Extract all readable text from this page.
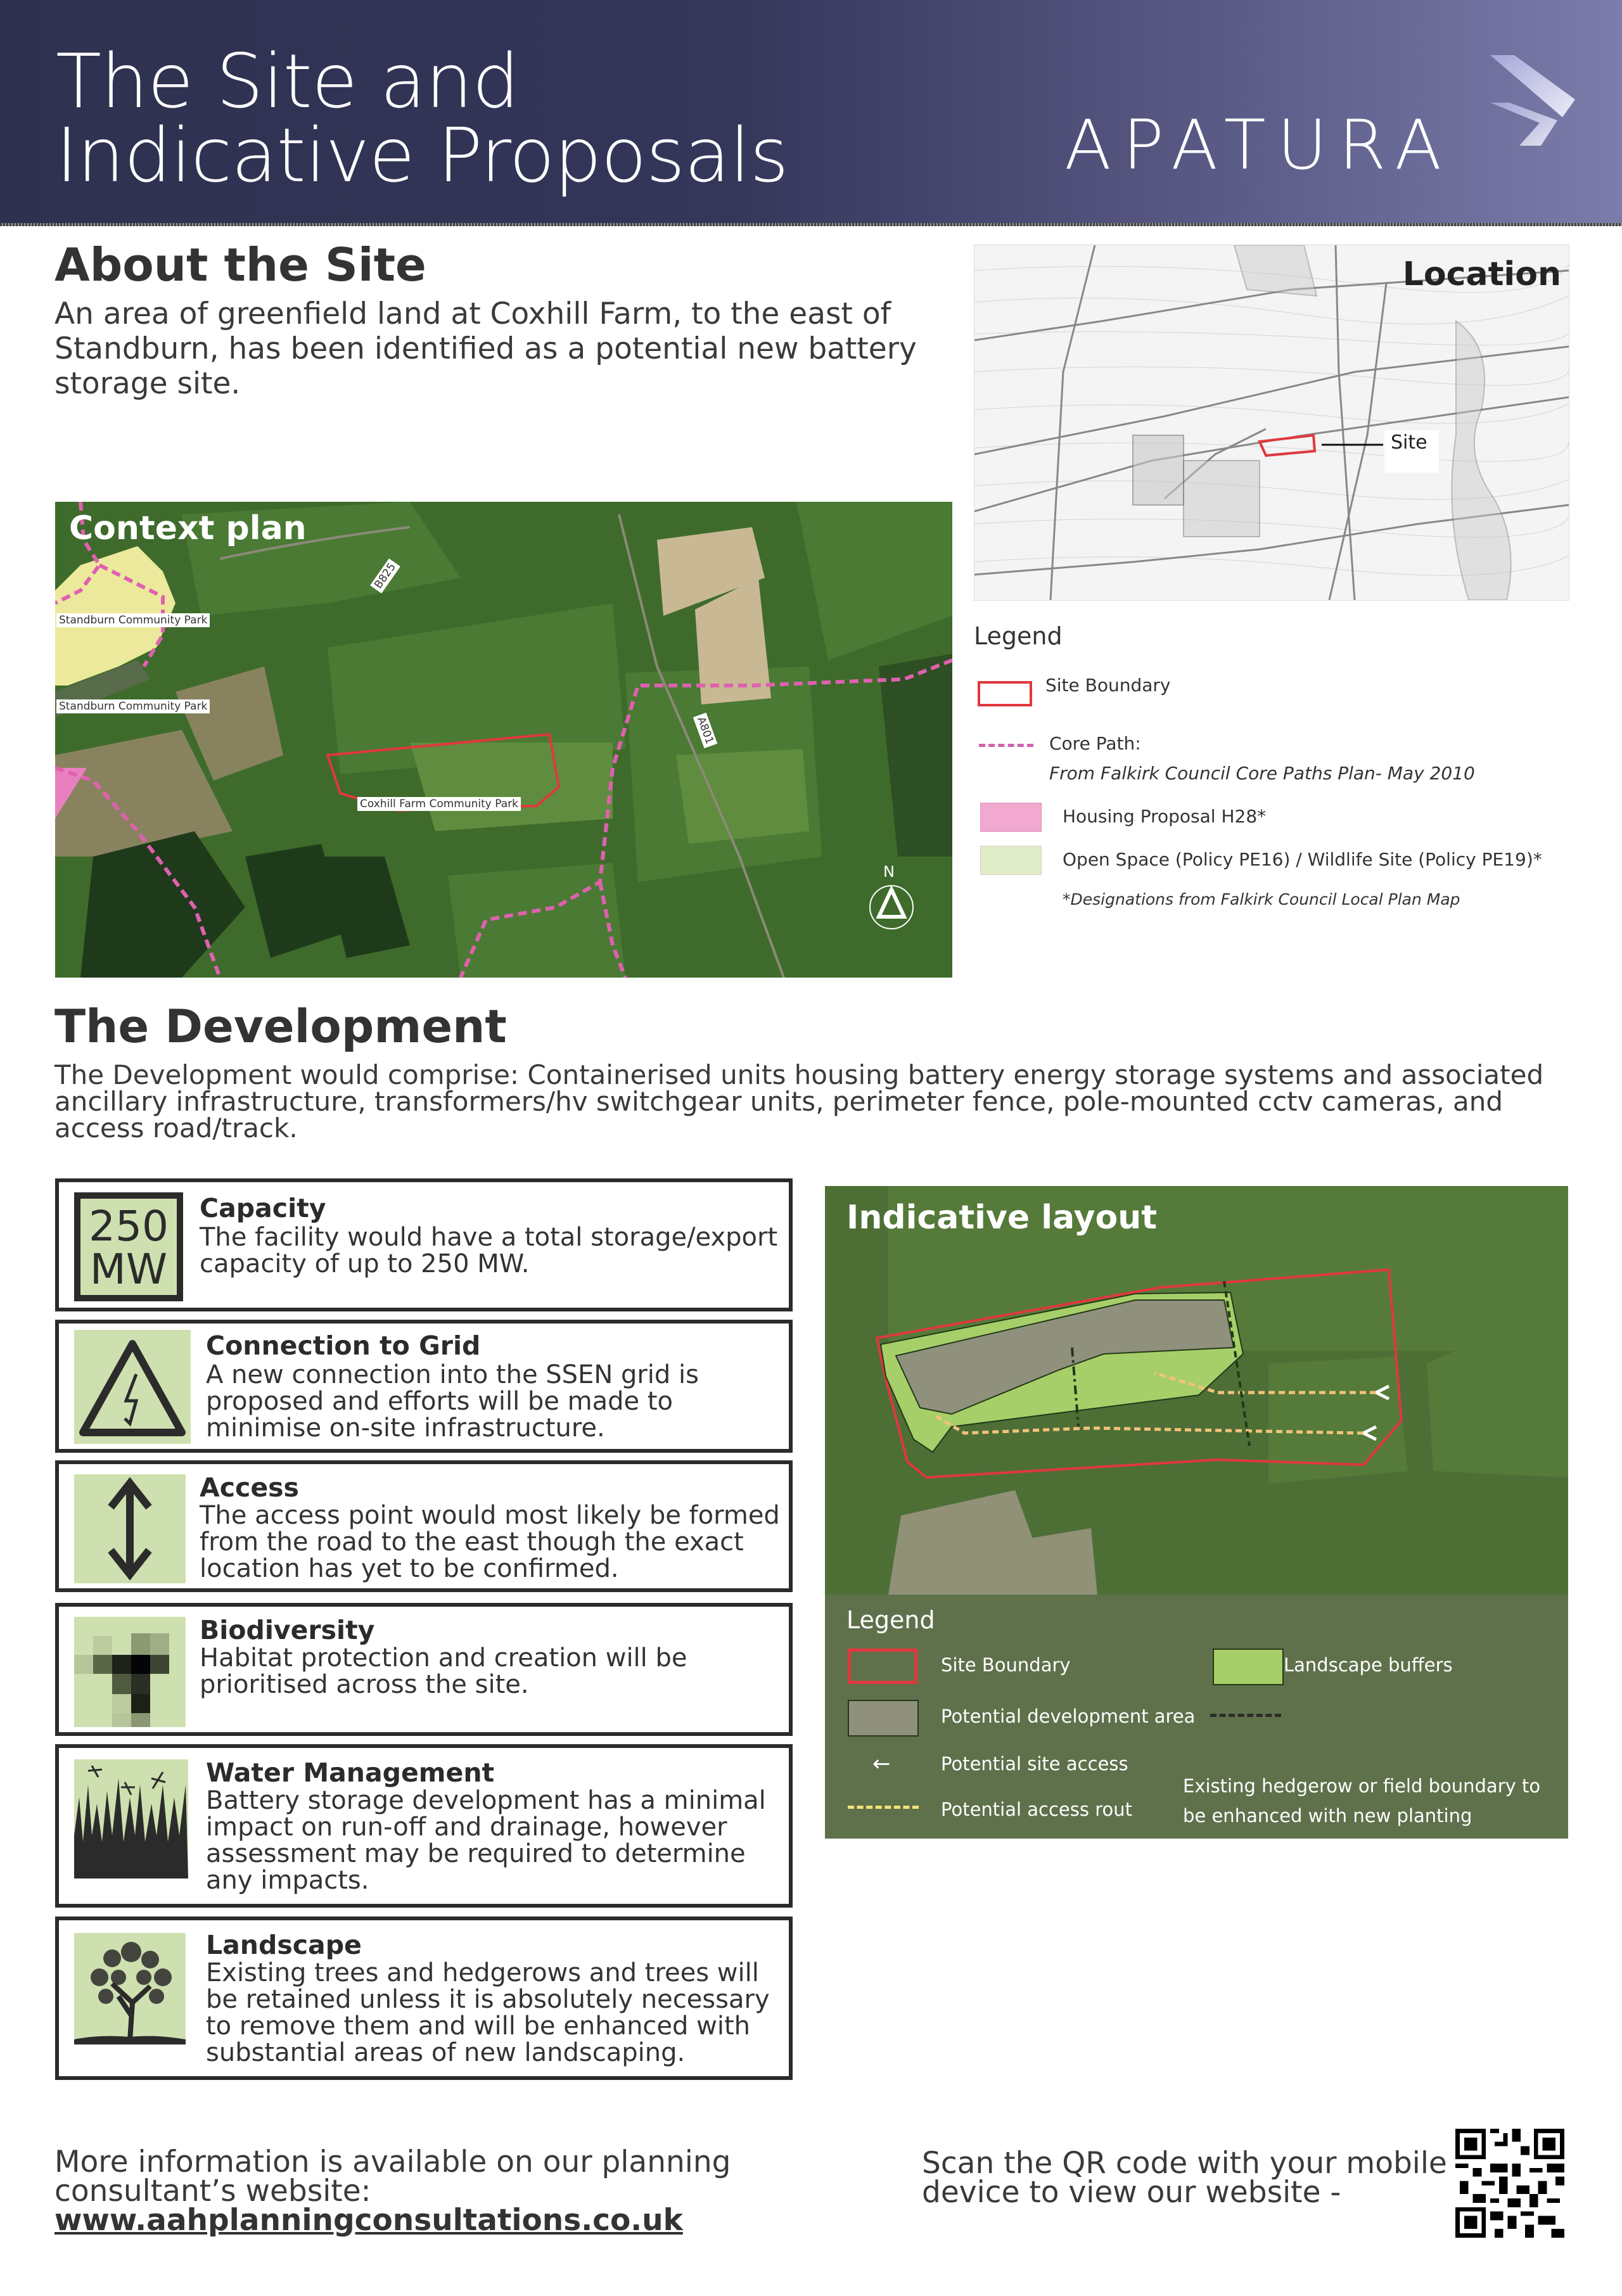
The Site and
Indicative Proposals	APATURA
About the Site
An area of greenfield land at Coxhill Farm, to the east of Standburn, has been identified as a potential new battery storage site.
Location
Site
Legend
Site Boundary
Core Path:
From Falkirk Council Core Paths Plan- May 2010
Housing Proposal H28*
Open Space (Policy PE16) / Wildlife Site (Policy PE19)*
*Designations from Falkirk Council Local Plan Map
Context plan
Standburn Community Park
Standburn Community Park
Coxhill Farm Community Park
B825
A801
N
The Development
The Development would comprise: Containerised units housing battery energy storage systems and associated ancillary infrastructure, transformers/hv switchgear units, perimeter fence, pole-mounted cctv cameras, and access road/track.
250
MW
Capacity
The facility would have a total storage/export capacity of up to 250 MW.
Connection to Grid
A new connection into the SSEN grid is proposed and efforts will be made to minimise on-site infrastructure.
Access
The access point would most likely be formed from the road to the east though the exact location has yet to be confirmed.
Biodiversity
Habitat protection and creation will be prioritised across the site.
Water Management
Battery storage development has a minimal impact on run-off and drainage, however assessment may be required to determine any impacts.
Landscape
Existing trees and hedgerows and trees will be retained unless it is absolutely necessary to remove them and will be enhanced with substantial areas of new landscaping.
Indicative layout
Legend
Site Boundary	Landscape buffers
Potential development area
←	Potential site access
Potential access rout
Existing hedgerow or field boundary to
be enhanced with new planting
More information is available on our planning consultant’s website:
www.aahplanningconsultations.co.uk
Scan the QR code with your mobile device to view our website -
